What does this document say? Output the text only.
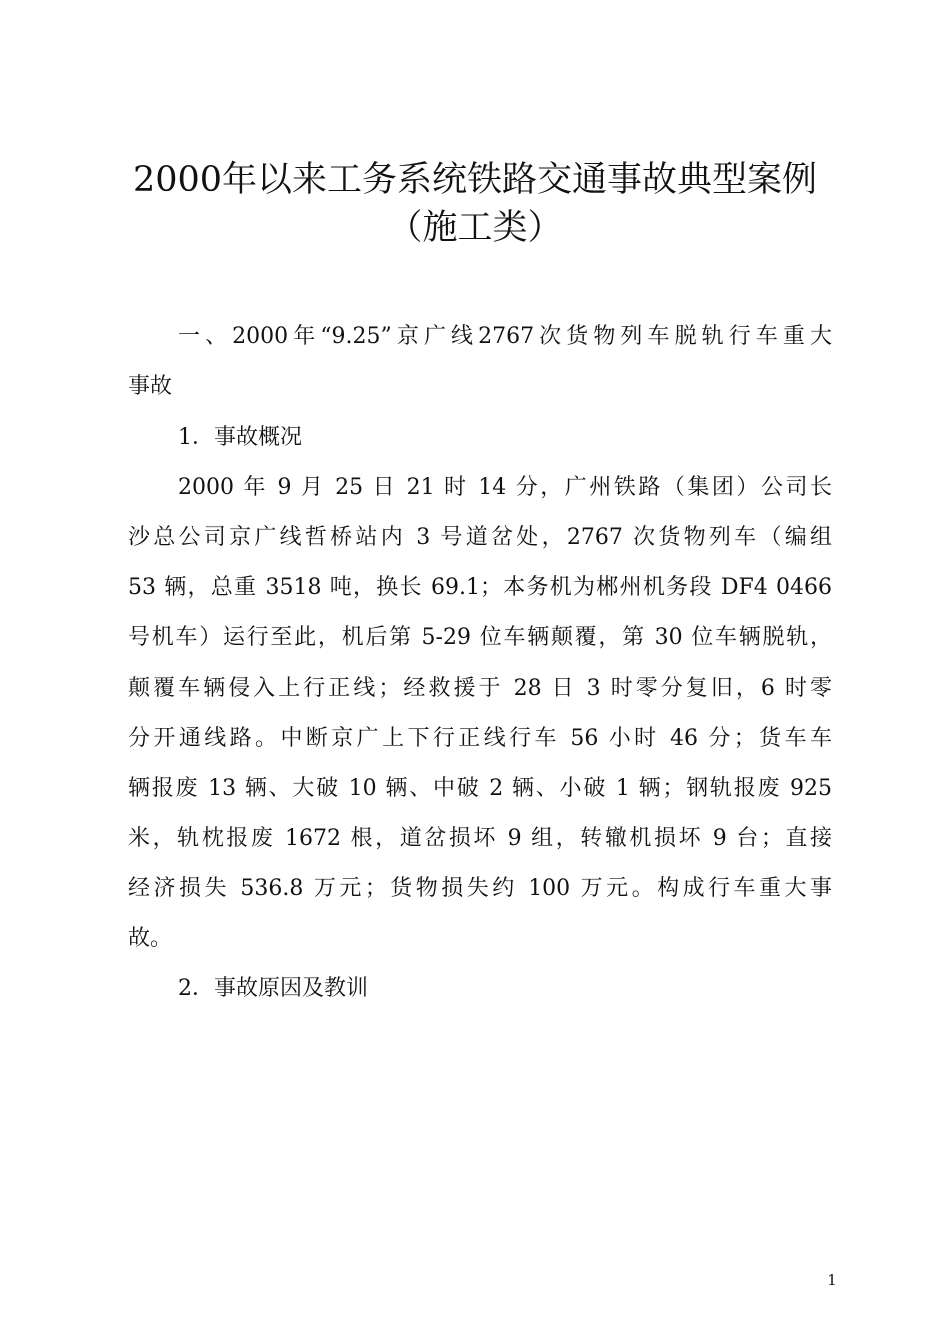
2000年以来工务系统铁路交通事故典型案例
（施工类）
一、2000年“9.25”京广线2767次货物列车脱轨行车重大
事故
1．事故概况
2000 年 9 月 25 日 21 时 14 分，广州铁路（集团）公司长
沙总公司京广线哲桥站内 3 号道岔处，2767 次货物列车（编组
53 辆，总重 3518 吨，换长 69.1；本务机为郴州机务段 DF4 0466
号机车）运行至此，机后第 5-29 位车辆颠覆，第 30 位车辆脱轨，
颠覆车辆侵入上行正线；经救援于 28 日 3 时零分复旧，6 时零
分开通线路。中断京广上下行正线行车 56 小时 46 分；货车车
辆报废 13 辆、大破 10 辆、中破 2 辆、小破 1 辆；钢轨报废 925
米，轨枕报废 1672 根，道岔损坏 9 组，转辙机损坏 9 台；直接
经济损失 536.8 万元；货物损失约 100 万元。构成行车重大事
故。
2．事故原因及教训
1
